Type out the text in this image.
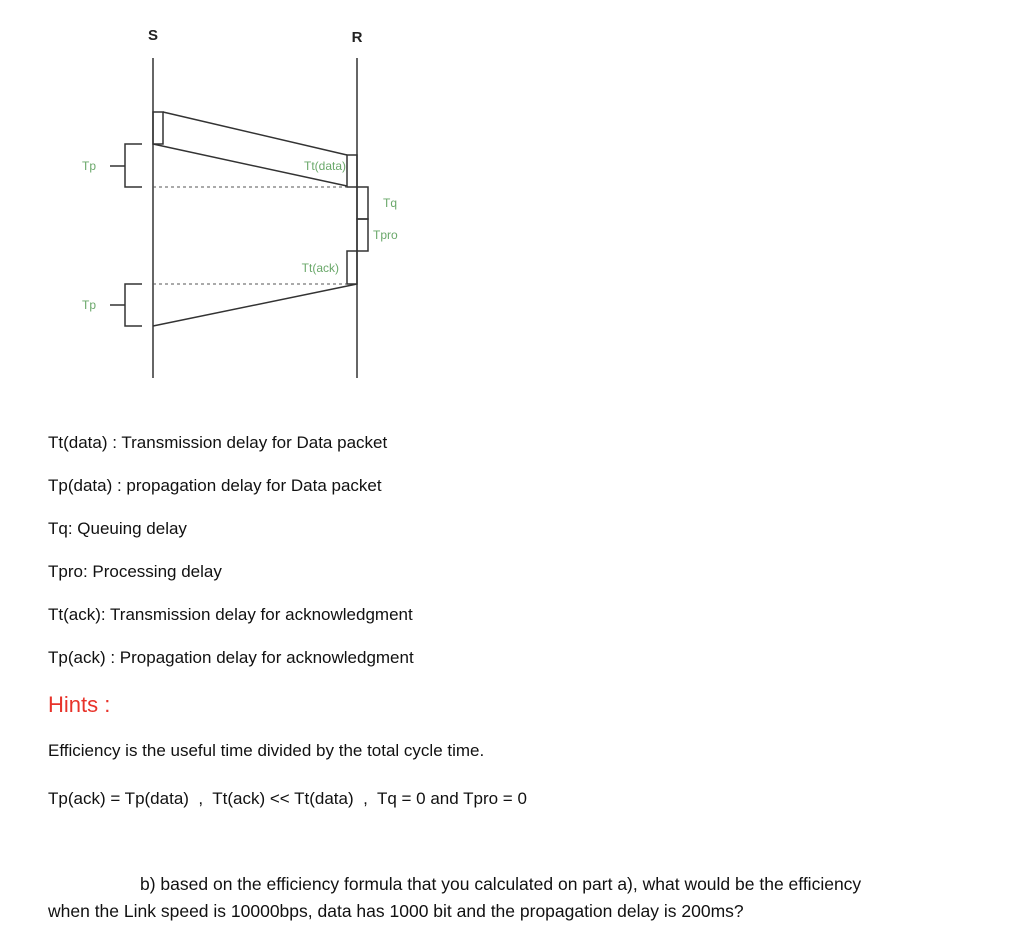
S	R
Tp
Tp
Tt(data)
Tq
Tpro
Tt(ack)
Tt(data) : Transmission delay for Data packet
Tp(data) : propagation delay for Data packet
Tq: Queuing delay
Tpro: Processing delay
Tt(ack): Transmission delay for acknowledgment
Tp(ack) : Propagation delay for acknowledgment
Hints :
Efficiency is the useful time divided by the total cycle time.
Tp(ack) = Tp(data)  ,  Tt(ack) << Tt(data)  ,  Tq = 0 and Tpro = 0
b) based on the efficiency formula that you calculated on part a), what would be the efficiency
when the Link speed is 10000bps, data has 1000 bit and the propagation delay is 200ms?
